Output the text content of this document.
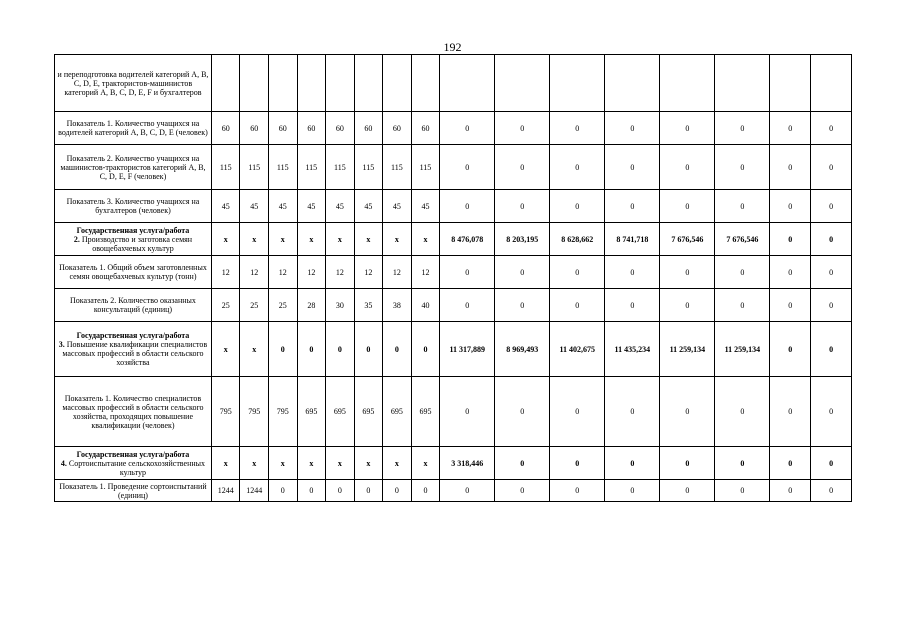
192
и переподготовка водителей категорий A, B, C, D, E, трактористов-машинистов категорий A, B, C, D, E, F и бухгалтеров																

Показатель 1. Количество учащихся на водителей категорий A, B, C, D, E (человек)	60	60	60	60	60	60	60	60	0	0	0	0	0	0	0	0

Показатель 2. Количество учащихся на машинистов-трактористов категорий A, B, C, D, E, F (человек)	115	115	115	115	115	115	115	115	0	0	0	0	0	0	0	0

Показатель 3. Количество учащихся на бухгалтеров (человек)	45	45	45	45	45	45	45	45	0	0	0	0	0	0	0	0

Государственная услуга/работа
2. Производство и заготовка семян овощебахчевых культур	x	x	x	x	x	x	x	x	8 476,078	8 203,195	8 628,662	8 741,718	7 676,546	7 676,546	0	0

Показатель 1. Общий объем заготовленных семян овощебахчевых культур (тонн)	12	12	12	12	12	12	12	12	0	0	0	0	0	0	0	0

Показатель 2. Количество оказанных консультаций (единиц)	25	25	25	28	30	35	38	40	0	0	0	0	0	0	0	0

Государственная услуга/работа
3. Повышение квалификации специалистов массовых профессий в области сельского хозяйства	x	x	0	0	0	0	0	0	11 317,889	8 969,493	11 402,675	11 435,234	11 259,134	11 259,134	0	0

Показатель 1. Количество специалистов массовых профессий в области сельского хозяйства, проходящих повышение квалификации (человек)	795	795	795	695	695	695	695	695	0	0	0	0	0	0	0	0

Государственная услуга/работа
4. Сортоиспытание сельскохозяйственных культур	x	x	x	x	x	x	x	x	3 318,446	0	0	0	0	0	0	0

Показатель 1. Проведение сортоиспытаний (единиц)	1244	1244	0	0	0	0	0	0	0	0	0	0	0	0	0	0
